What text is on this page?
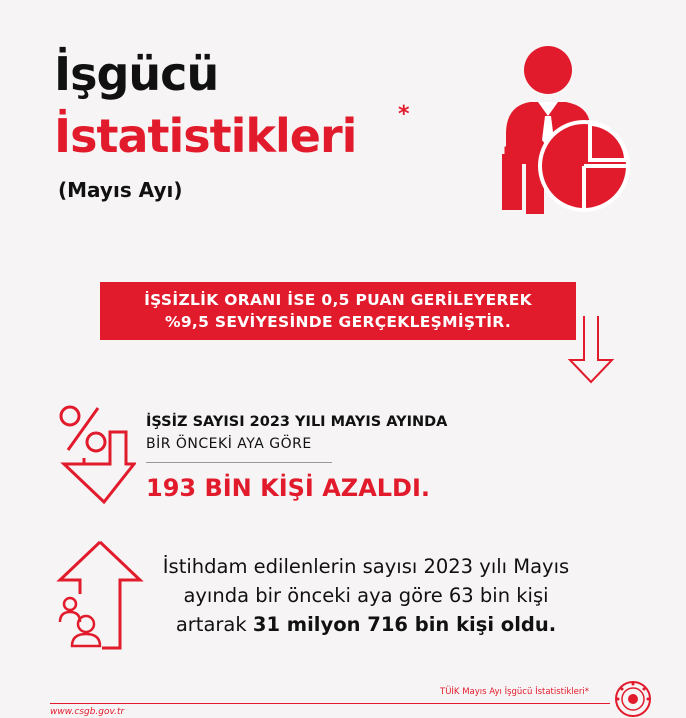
İşgücü
İstatistikleri *
(Mayıs Ayı)
İŞSİZLİK ORANI İSE 0,5 PUAN GERİLEYEREK
%9,5 SEVİYESİNDE GERÇEKLEŞMİŞTİR.
İŞSİZ SAYISI 2023 YILI MAYIS AYINDA
BİR ÖNCEKİ AYA GÖRE
193 BİN KİŞİ AZALDI.
İstihdam edilenlerin sayısı 2023 yılı Mayıs
ayında bir önceki aya göre 63 bin kişi
artarak 31 milyon 716 bin kişi oldu.
TÜİK Mayıs Ayı İşgücü İstatistikleri*
www.csgb.gov.tr
